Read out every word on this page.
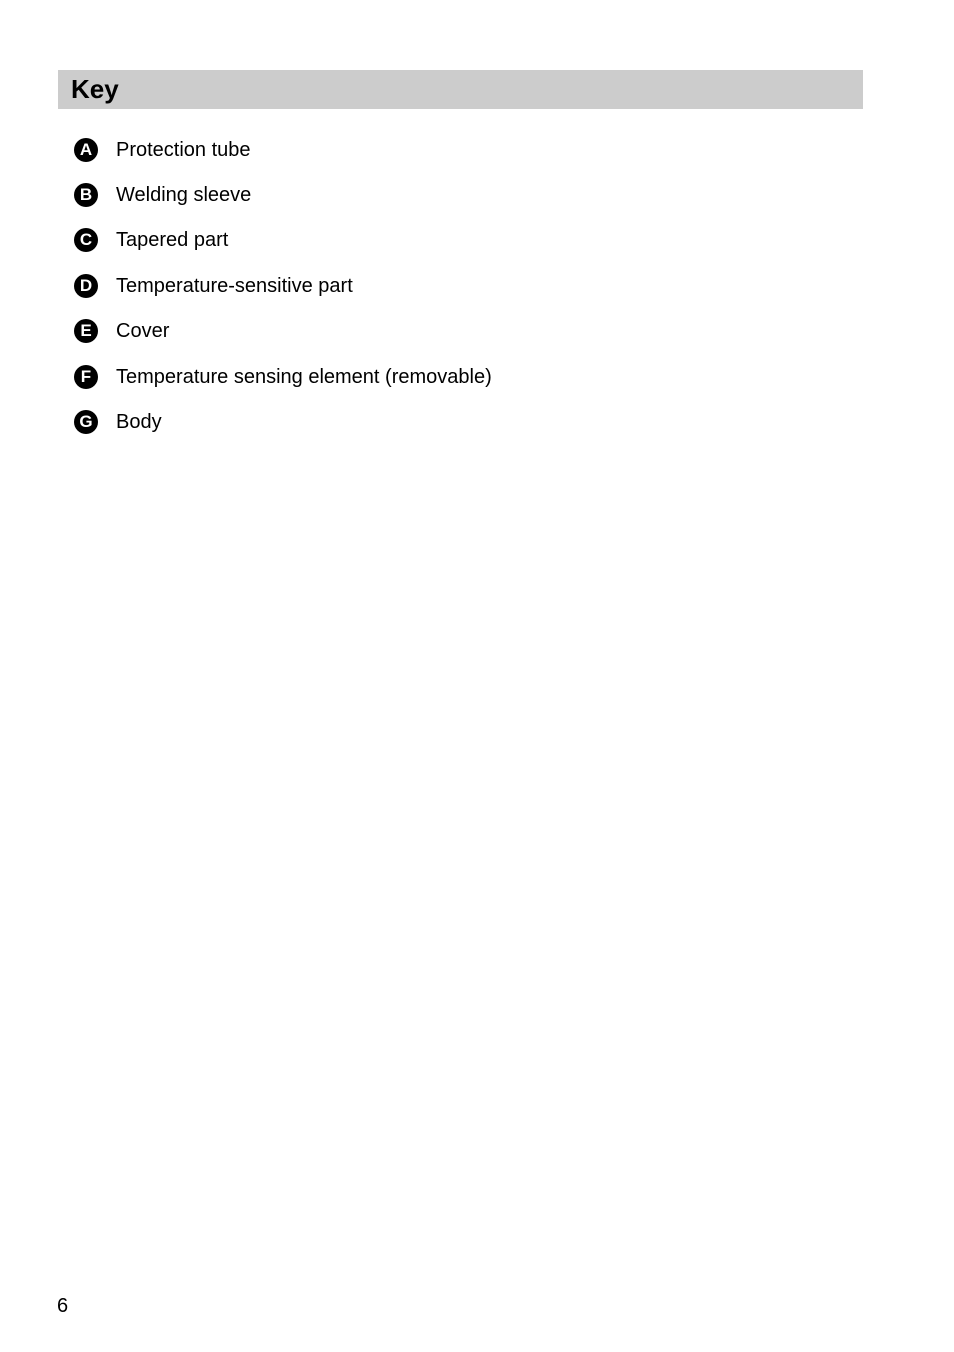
Key
A Protection tube
B Welding sleeve
C Tapered part
D Temperature-sensitive part
E	Cover
F	Temperature sensing element (removable)
G Body
6
